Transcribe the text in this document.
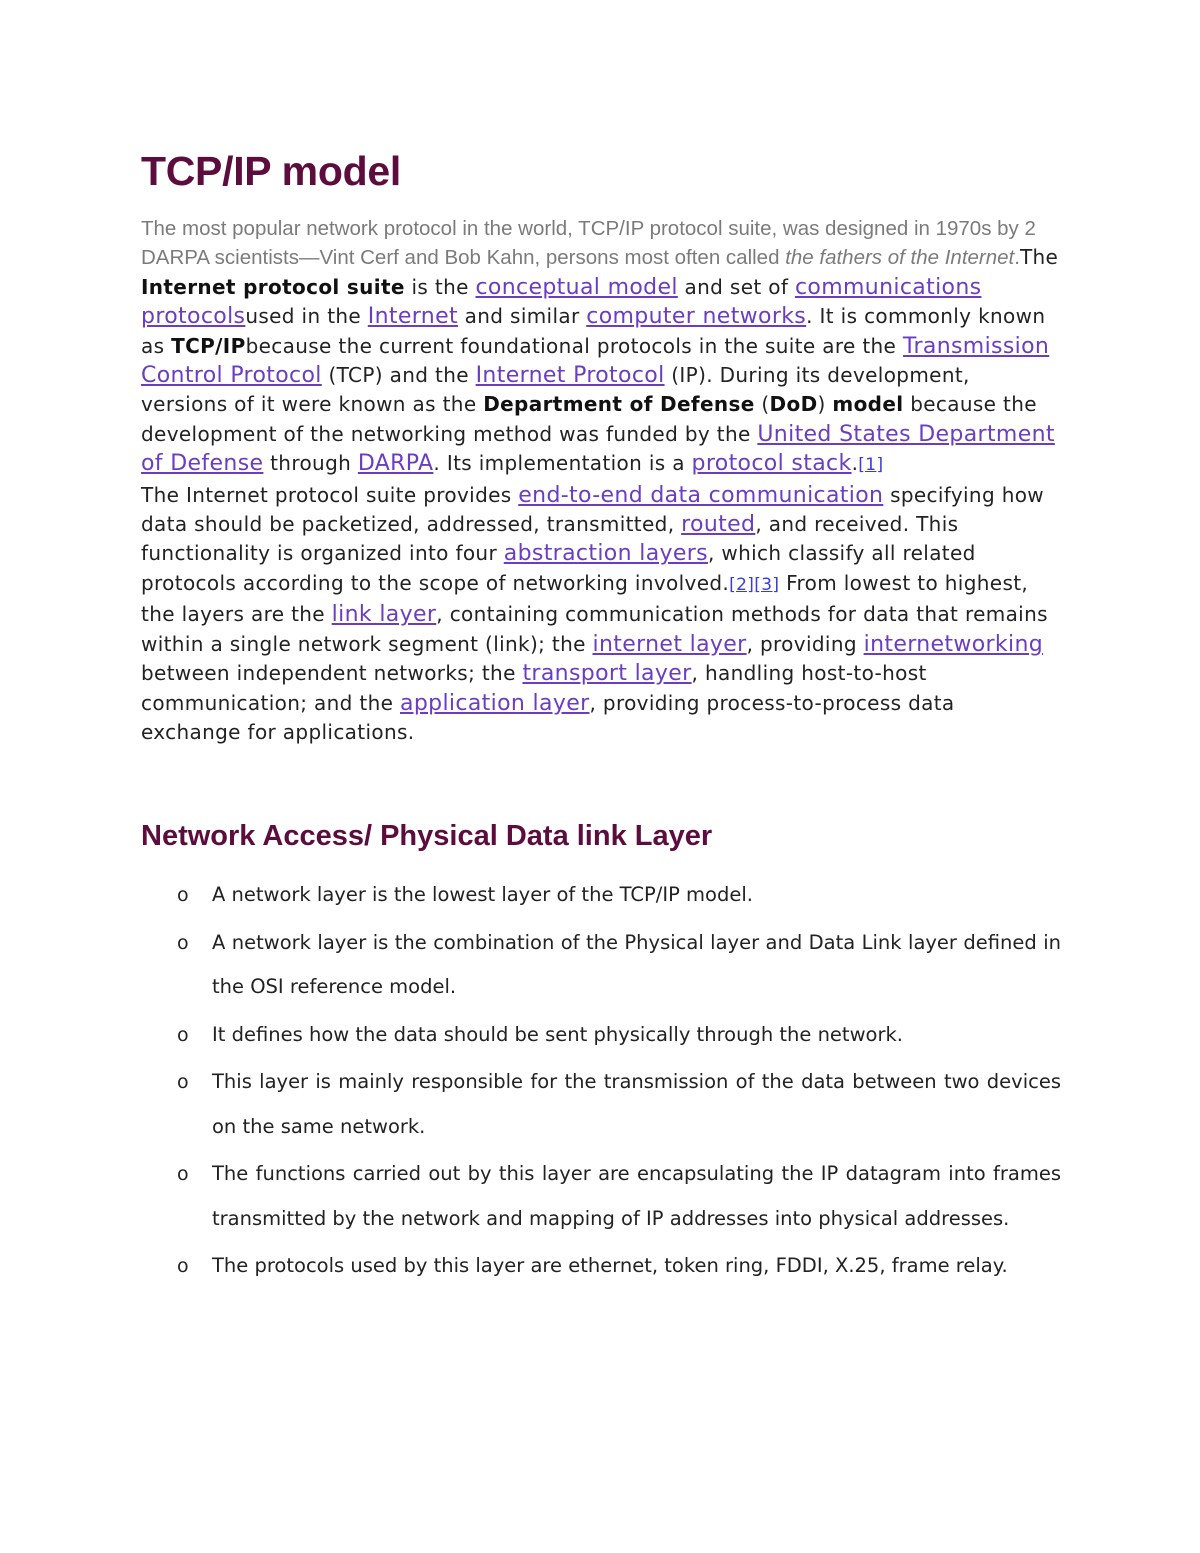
TCP/IP model

The most popular network protocol in the world, TCP/IP protocol suite, was designed in 1970s by 2 DARPA scientists—Vint Cerf and Bob Kahn, persons most often called the fathers of the Internet.The Internet protocol suite is the conceptual model and set of communications protocolsused in the Internet and similar computer networks. It is commonly known as TCP/IPbecause the current foundational protocols in the suite are the Transmission Control Protocol (TCP) and the Internet Protocol (IP). During its development, versions of it were known as the Department of Defense (DoD) model because the development of the networking method was funded by the United States Department of Defense through DARPA. Its implementation is a protocol stack.[1]
The Internet protocol suite provides end-to-end data communication specifying how data should be packetized, addressed, transmitted, routed, and received. This functionality is organized into four abstraction layers, which classify all related protocols according to the scope of networking involved.[2][3] From lowest to highest, the layers are the link layer, containing communication methods for data that remains within a single network segment (link); the internet layer, providing internetworking between independent networks; the transport layer, handling host-to-host communication; and the application layer, providing process-to-process data exchange for applications.

Network Access/ Physical Data link Layer
o A network layer is the lowest layer of the TCP/IP model.
o A network layer is the combination of the Physical layer and Data Link layer defined in the OSI reference model.
o It defines how the data should be sent physically through the network.
o This layer is mainly responsible for the transmission of the data between two devices on the same network.
o The functions carried out by this layer are encapsulating the IP datagram into frames transmitted by the network and mapping of IP addresses into physical addresses.
o The protocols used by this layer are ethernet, token ring, FDDI, X.25, frame relay.
